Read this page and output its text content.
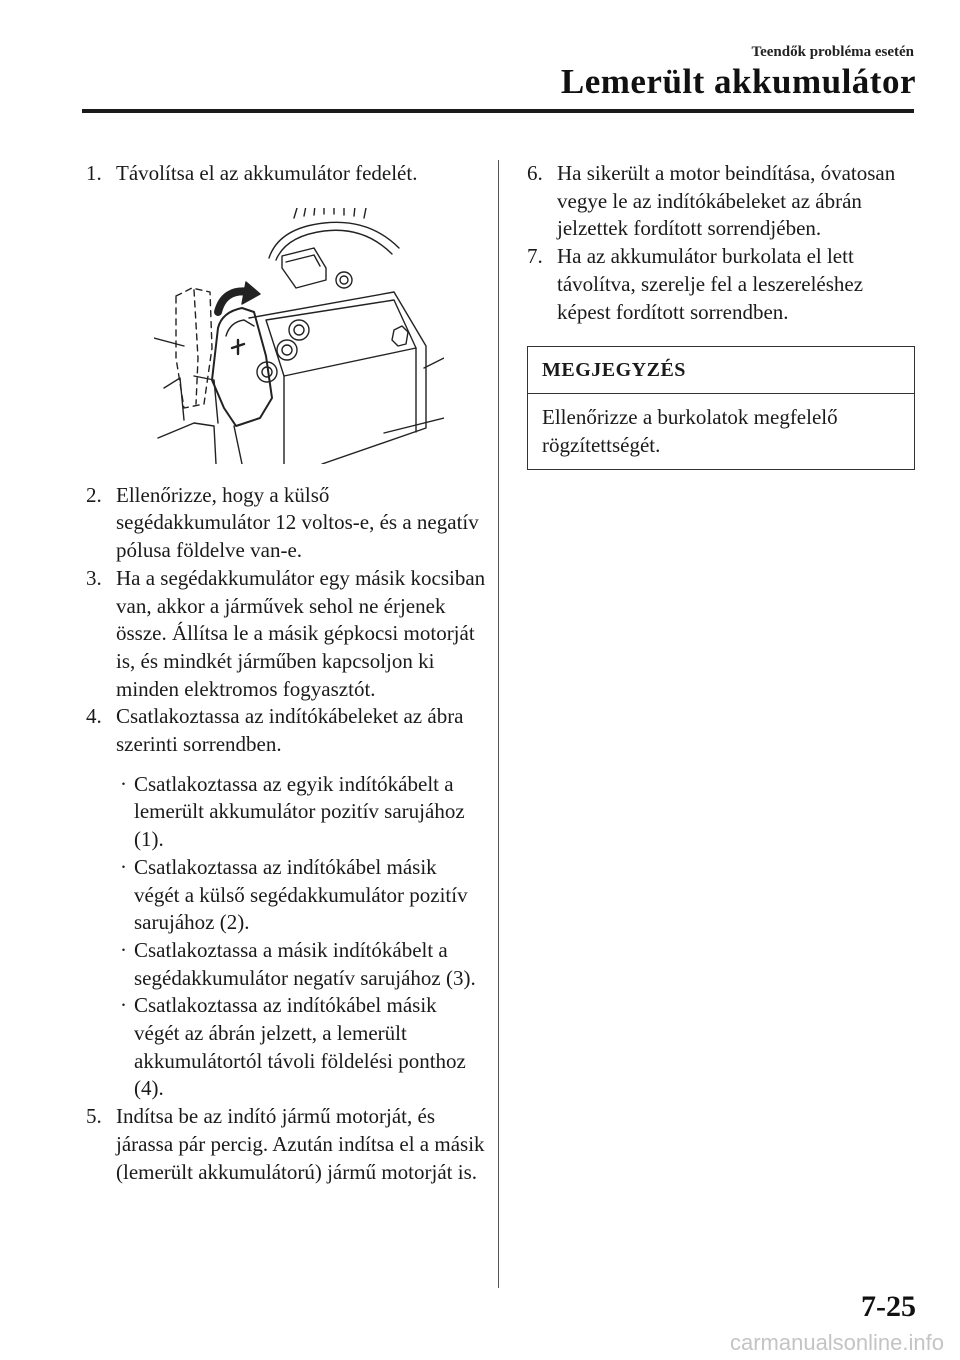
Teendők probléma esetén
Lemerült akkumulátor

1. Távolítsa el az akkumulátor fedelét.

2. Ellenőrizze, hogy a külső segédakkumulátor 12 voltos-e, és a negatív pólusa földelve van-e.

3. Ha a segédakkumulátor egy másik kocsiban van, akkor a járművek sehol ne érjenek össze. Állítsa le a másik gépkocsi motorját is, és mindkét járműben kapcsoljon ki minden elektromos fogyasztót.

4. Csatlakoztassa az indítókábeleket az ábra szerinti sorrendben.

· Csatlakoztassa az egyik indítókábelt a lemerült akkumulátor pozitív sarujához (1).
· Csatlakoztassa az indítókábel másik végét a külső segédakkumulátor pozitív sarujához (2).
· Csatlakoztassa a másik indítókábelt a segédakkumulátor negatív sarujához (3).
· Csatlakoztassa az indítókábel másik végét az ábrán jelzett, a lemerült akkumulátortól távoli földelési ponthoz (4).

5. Indítsa be az indító jármű motorját, és járassa pár percig. Azután indítsa el a másik (lemerült akkumulátorú) jármű motorját is.

6. Ha sikerült a motor beindítása, óvatosan vegye le az indítókábeleket az ábrán jelzettek fordított sorrendjében.

7. Ha az akkumulátor burkolata el lett távolítva, szerelje fel a leszereléshez képest fordított sorrendben.

MEGJEGYZÉS
Ellenőrizze a burkolatok megfelelő rögzítettségét.
7-25
carmanualsonline.info
